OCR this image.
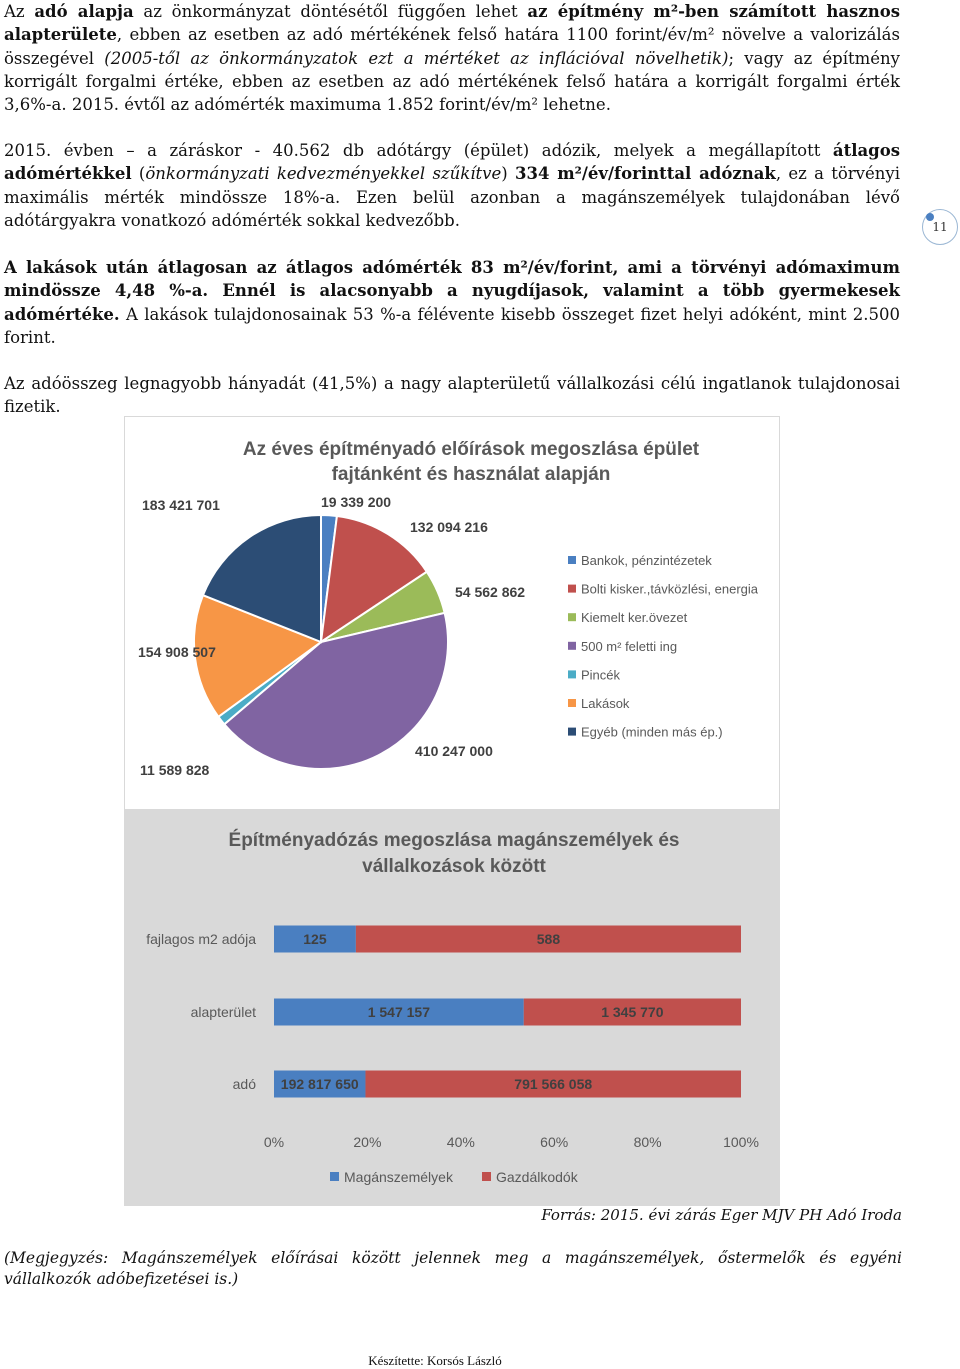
Az adó alapja az önkormányzat döntésétől függően lehet az építmény m²-ben számított hasznos alapterülete, ebben az esetben az adó mértékének felső határa 1100 forint/év/m² növelve a valorizálás összegével (2005-től az önkormányzatok ezt a mértéket az inflációval növelhetik); vagy az építmény korrigált forgalmi értéke, ebben az esetben az adó mértékének felső határa a korrigált forgalmi érték 3,6%-a. 2015. évtől az adómérték maximuma 1.852 forint/év/m² lehetne.
2015. évben – a záráskor - 40.562 db adótárgy (épület) adózik, melyek a megállapított átlagos adómértékkel (önkormányzati kedvezményekkel szűkítve) 334 m²/év/forinttal adóznak, ez a törvényi maximális mérték mindössze 18%-a. Ezen belül azonban a magánszemélyek tulajdonában lévő adótárgyakra vonatkozó adómérték sokkal kedvezőbb.
A lakások után átlagosan az átlagos adómérték 83 m²/év/forint, ami a törvényi adómaximum mindössze 4,48 %-a. Ennél is alacsonyabb a nyugdíjasok, valamint a több gyermekesek adómértéke. A lakások tulajdonosainak 53 %-a félévente kisebb összeget fizet helyi adóként, mint 2.500 forint.
Az adóösszeg legnagyobb hányadát (41,5%) a nagy alapterületű vállalkozási célú ingatlanok tulajdonosai fizetik.
11
Az éves építményadó előírások megoszlása épület
fajtánként és használat alapján
19 339 200
132 094 216
54 562 862
410 247 000
11 589 828
154 908 507
183 421 701
Bankok, pénzintézetek
Bolti kisker.,távközlési, energia
Kiemelt ker.övezet
500 m² feletti ing
Pincék
Lakások
Egyéb (minden más ép.)
Építményadózás megoszlása magánszemélyek és
vállalkozások között
fajlagos m2 adója	125	588
alapterület	1 547 157	1 345 770
adó 192 817 650	791 566 058
0%	20%	40%	60%	80%	100%
Magánszemélyek	Gazdálkodók
Forrás: 2015. évi zárás Eger MJV PH Adó Iroda
(Megjegyzés: Magánszemélyek előírásai között jelennek meg a magánszemélyek, őstermelők és egyéni vállalkozók adóbefizetései is.)
Készítette: Korsós László
